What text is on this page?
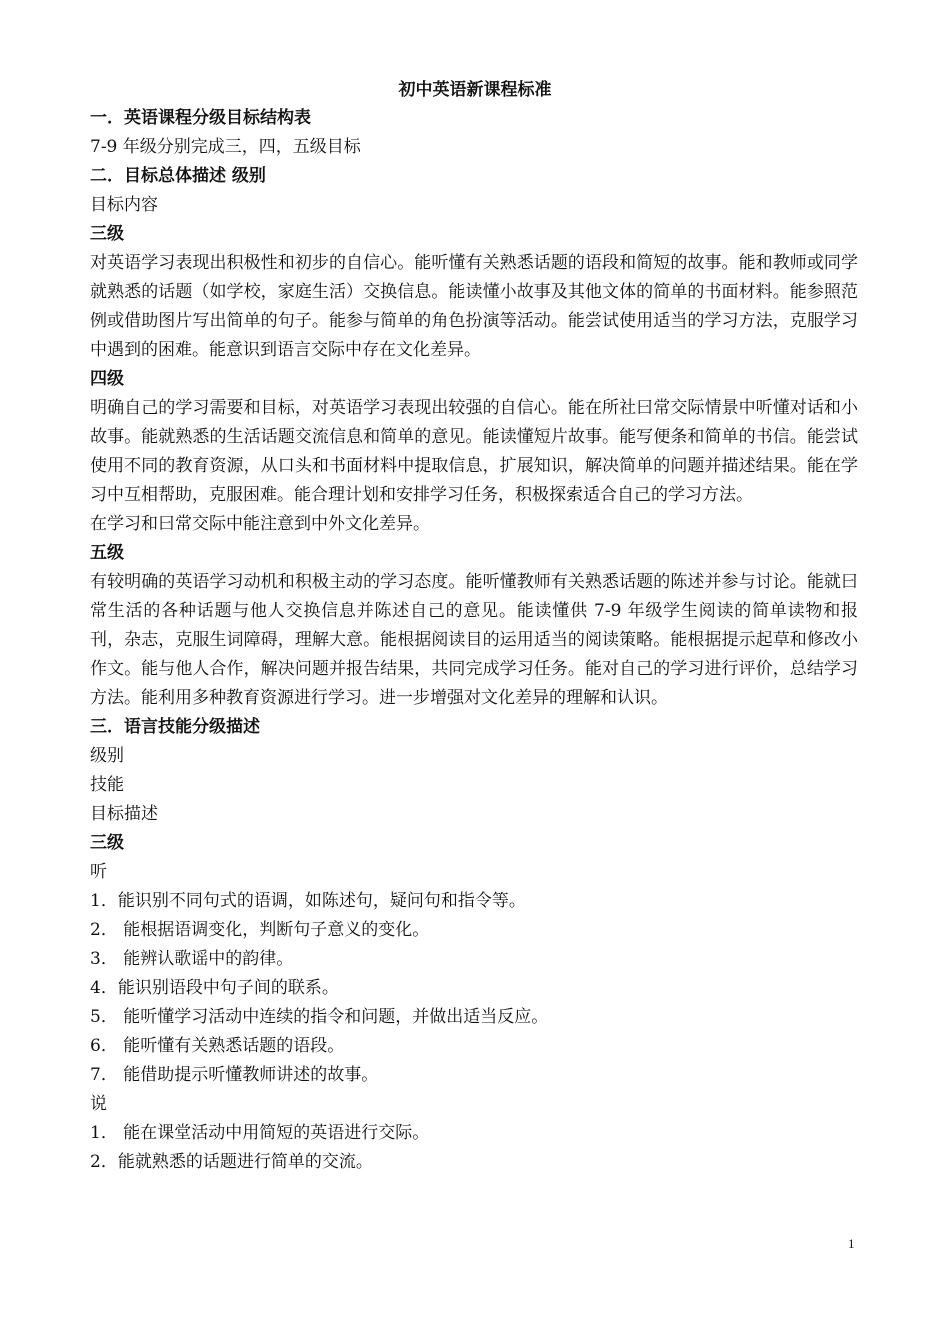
初中英语新课程标准
一．英语课程分级目标结构表
7-9 年级分别完成三，四，五级目标
二．目标总体描述 级别
目标内容
三级
对英语学习表现出积极性和初步的自信心。能听懂有关熟悉话题的语段和简短的故事。能和教师或同学就熟悉的话题（如学校，家庭生活）交换信息。能读懂小故事及其他文体的简单的书面材料。能参照范例或借助图片写出简单的句子。能参与简单的角色扮演等活动。能尝试使用适当的学习方法，克服学习中遇到的困难。能意识到语言交际中存在文化差异。
四级
明确自己的学习需要和目标，对英语学习表现出较强的自信心。能在所社曰常交际情景中听懂对话和小故事。能就熟悉的生活话题交流信息和简单的意见。能读懂短片故事。能写便条和简单的书信。能尝试使用不同的教育资源，从口头和书面材料中提取信息，扩展知识，解决简单的问题并描述结果。能在学习中互相帮助，克服困难。能合理计划和安排学习任务，积极探索适合自己的学习方法。
在学习和曰常交际中能注意到中外文化差异。
五级
有较明确的英语学习动机和积极主动的学习态度。能听懂教师有关熟悉话题的陈述并参与讨论。能就曰常生活的各种话题与他人交换信息并陈述自己的意见。能读懂供 7-9 年级学生阅读的简单读物和报刊，杂志，克服生词障碍，理解大意。能根据阅读目的运用适当的阅读策略。能根据提示起草和修改小作文。能与他人合作，解决问题并报告结果，共同完成学习任务。能对自己的学习进行评价，总结学习方法。能利用多种教育资源进行学习。进一步增强对文化差异的理解和认识。
三．语言技能分级描述
级别
技能
目标描述
三级
听
1．能识别不同句式的语调，如陈述句，疑问句和指令等。
2． 能根据语调变化，判断句子意义的变化。
3． 能辨认歌谣中的韵律。
4．能识别语段中句子间的联系。
5． 能听懂学习活动中连续的指令和问题，并做出适当反应。
6． 能听懂有关熟悉话题的语段。
7． 能借助提示听懂教师讲述的故事。
说
1． 能在课堂活动中用简短的英语进行交际。
2．能就熟悉的话题进行简单的交流。
1
